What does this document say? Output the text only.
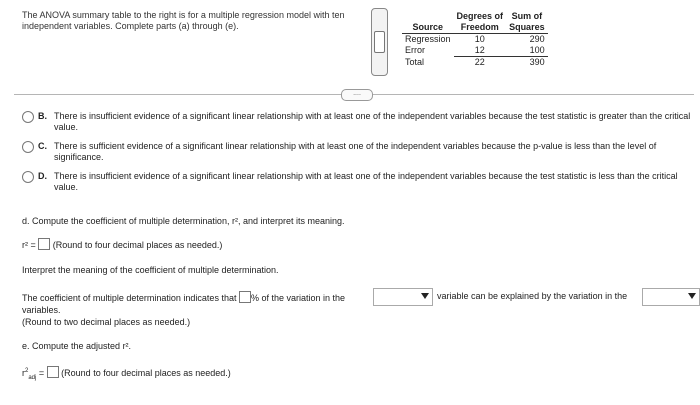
The ANOVA summary table to the right is for a multiple regression model with ten independent variables. Complete parts (a) through (e).
	Degrees of	Sum of
Source	Freedom	Squares
Regression	10	290
Error	12	100
Total	22	390
....
B. There is insufficient evidence of a significant linear relationship with at least one of the independent variables because the test statistic is greater than the critical value.
C. There is sufficient evidence of a significant linear relationship with at least one of the independent variables because the p-value is less than the level of significance.
D. There is insufficient evidence of a significant linear relationship with at least one of the independent variables because the test statistic is less than the critical value.
d. Compute the coefficient of multiple determination, r², and interpret its meaning.
r² = (Round to four decimal places as needed.)
Interpret the meaning of the coefficient of multiple determination.
The coefficient of multiple determination indicates that % of the variation in the	variable can be explained by the variation in the
variables.
(Round to two decimal places as needed.)
e. Compute the adjusted r².
$r^2_{adj}$ = (Round to four decimal places as needed.)
